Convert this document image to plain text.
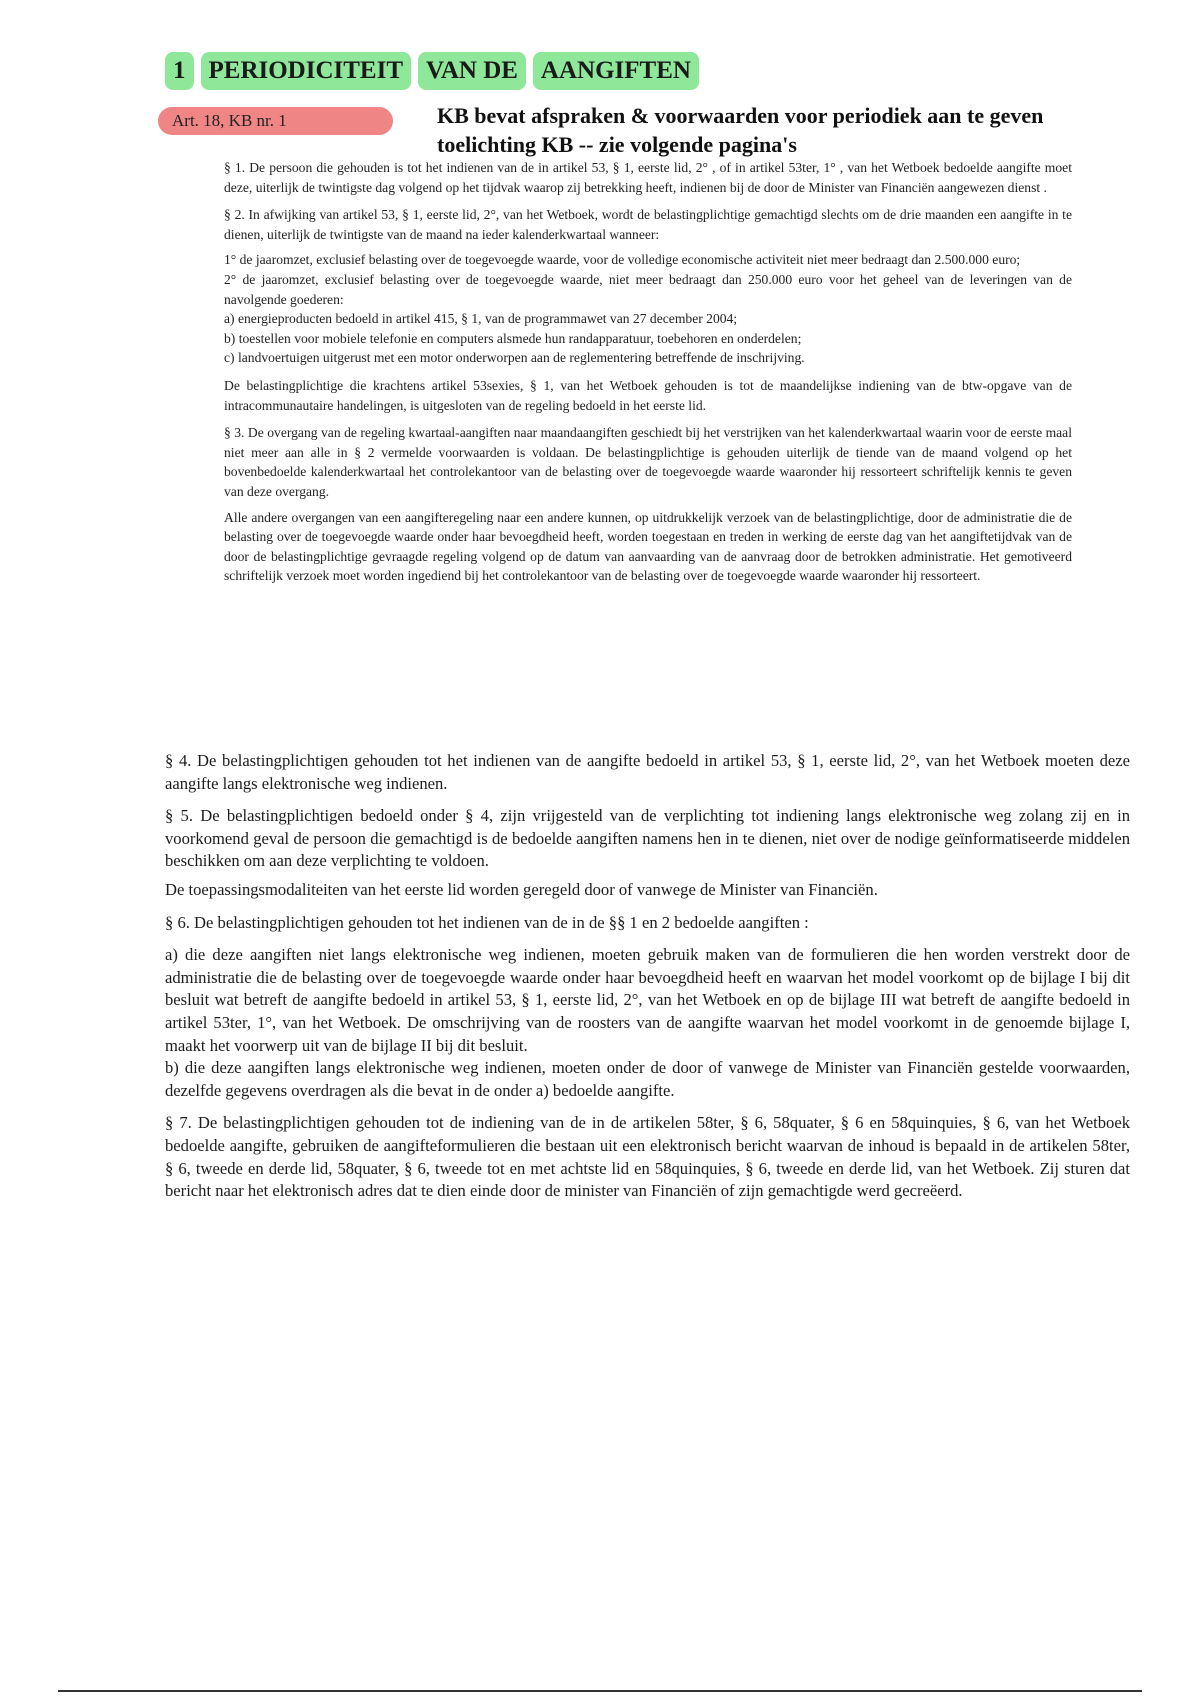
1 PERIODICITEIT VAN DE AANGIFTEN
Art. 18, KB nr. 1	KB bevat afspraken & voorwaarden voor periodiek aan te geven
toelichting KB -- zie volgende pagina's

§ 1. De persoon die gehouden is tot het indienen van de in artikel 53, § 1, eerste lid, 2° , of in artikel 53ter, 1° , van het Wetboek bedoelde aangifte moet deze, uiterlijk de twintigste dag volgend op het tijdvak waarop zij betrekking heeft, indienen bij de door de Minister van Financiën aangewezen dienst .

§ 2. In afwijking van artikel 53, § 1, eerste lid, 2°, van het Wetboek, wordt de belastingplichtige gemachtigd slechts om de drie maanden een aangifte in te dienen, uiterlijk de twintigste van de maand na ieder kalenderkwartaal wanneer:

1° de jaaromzet, exclusief belasting over de toegevoegde waarde, voor de volledige economische activiteit niet meer bedraagt dan 2.500.000 euro;

2° de jaaromzet, exclusief belasting over de toegevoegde waarde, niet meer bedraagt dan 250.000 euro voor het geheel van de leveringen van de navolgende goederen:

a) energieproducten bedoeld in artikel 415, § 1, van de programmawet van 27 december 2004;

b) toestellen voor mobiele telefonie en computers alsmede hun randapparatuur, toebehoren en onderdelen;

c) landvoertuigen uitgerust met een motor onderworpen aan de reglementering betreffende de inschrijving.

De belastingplichtige die krachtens artikel 53sexies, § 1, van het Wetboek gehouden is tot de maandelijkse indiening van de btw-opgave van de intracommunautaire handelingen, is uitgesloten van de regeling bedoeld in het eerste lid.

§ 3. De overgang van de regeling kwartaal-aangiften naar maandaangiften geschiedt bij het verstrijken van het kalenderkwartaal waarin voor de eerste maal niet meer aan alle in § 2 vermelde voorwaarden is voldaan. De belastingplichtige is gehouden uiterlijk de tiende van de maand volgend op het bovenbedoelde kalenderkwartaal het controlekantoor van de belasting over de toegevoegde waarde waaronder hij ressorteert schriftelijk kennis te geven van deze overgang.

Alle andere overgangen van een aangifteregeling naar een andere kunnen, op uitdrukkelijk verzoek van de belastingplichtige, door de administratie die de belasting over de toegevoegde waarde onder haar bevoegdheid heeft, worden toegestaan en treden in werking de eerste dag van het aangiftetijdvak van de door de belastingplichtige gevraagde regeling volgend op de datum van aanvaarding van de aanvraag door de betrokken administratie. Het gemotiveerd schriftelijk verzoek moet worden ingediend bij het controlekantoor van de belasting over de toegevoegde waarde waaronder hij ressorteert.

§ 4. De belastingplichtigen gehouden tot het indienen van de aangifte bedoeld in artikel 53, § 1, eerste lid, 2°, van het Wetboek moeten deze aangifte langs elektronische weg indienen.

§ 5. De belastingplichtigen bedoeld onder § 4, zijn vrijgesteld van de verplichting tot indiening langs elektronische weg zolang zij en in voorkomend geval de persoon die gemachtigd is de bedoelde aangiften namens hen in te dienen, niet over de nodige geïnformatiseerde middelen beschikken om aan deze verplichting te voldoen.

De toepassingsmodaliteiten van het eerste lid worden geregeld door of vanwege de Minister van Financiën.

§ 6. De belastingplichtigen gehouden tot het indienen van de in de §§ 1 en 2 bedoelde aangiften :

a) die deze aangiften niet langs elektronische weg indienen, moeten gebruik maken van de formulieren die hen worden verstrekt door de administratie die de belasting over de toegevoegde waarde onder haar bevoegdheid heeft en waarvan het model voorkomt op de bijlage I bij dit besluit wat betreft de aangifte bedoeld in artikel 53, § 1, eerste lid, 2°, van het Wetboek en op de bijlage III wat betreft de aangifte bedoeld in artikel 53ter, 1°, van het Wetboek. De omschrijving van de roosters van de aangifte waarvan het model voorkomt in de genoemde bijlage I, maakt het voorwerp uit van de bijlage II bij dit besluit.

b) die deze aangiften langs elektronische weg indienen, moeten onder de door of vanwege de Minister van Financiën gestelde voorwaarden, dezelfde gegevens overdragen als die bevat in de onder a) bedoelde aangifte.

§ 7. De belastingplichtigen gehouden tot de indiening van de in de artikelen 58ter, § 6, 58quater, § 6 en 58quinquies, § 6, van het Wetboek bedoelde aangifte, gebruiken de aangifteformulieren die bestaan uit een elektronisch bericht waarvan de inhoud is bepaald in de artikelen 58ter, § 6, tweede en derde lid, 58quater, § 6, tweede tot en met achtste lid en 58quinquies, § 6, tweede en derde lid, van het Wetboek. Zij sturen dat bericht naar het elektronisch adres dat te dien einde door de minister van Financiën of zijn gemachtigde werd gecreëerd.
